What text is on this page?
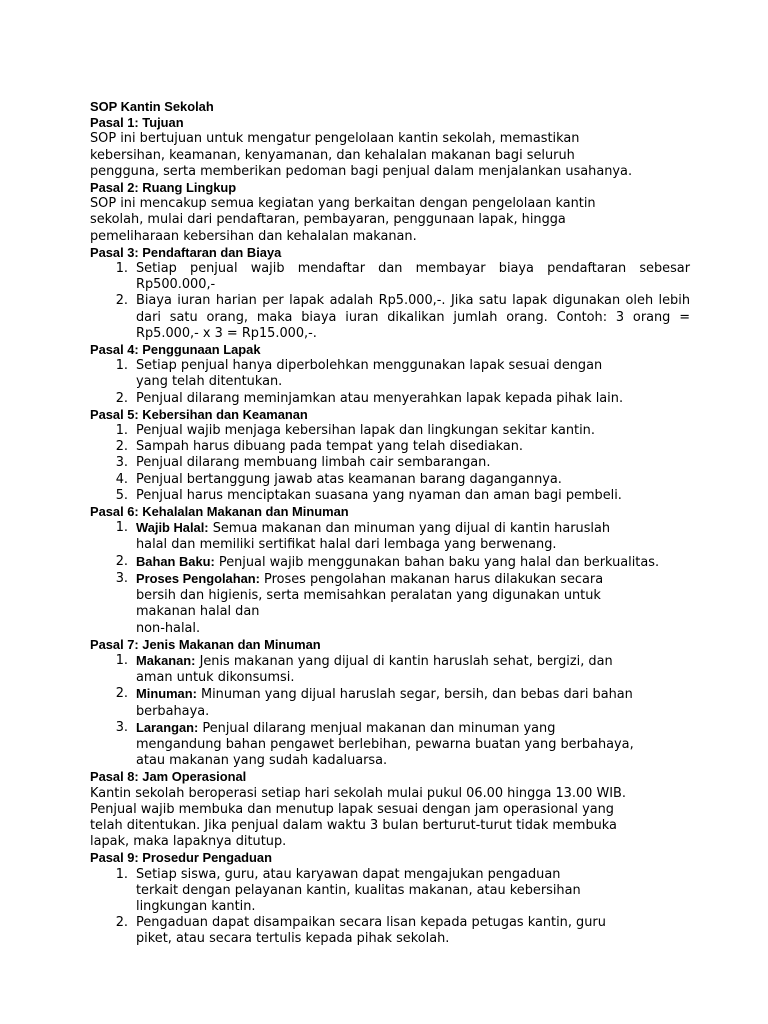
SOP Kantin Sekolah

Pasal 1: Tujuan

SOP ini bertujuan untuk mengatur pengelolaan kantin sekolah, memastikan
kebersihan, keamanan, kenyamanan, dan kehalalan makanan bagi seluruh
pengguna, serta memberikan pedoman bagi penjual dalam menjalankan usahanya.

Pasal 2: Ruang Lingkup

SOP ini mencakup semua kegiatan yang berkaitan dengan pengelolaan kantin
sekolah, mulai dari pendaftaran, pembayaran, penggunaan lapak, hingga
pemeliharaan kebersihan dan kehalalan makanan.

Pasal 3: Pendaftaran dan Biaya

1. Setiap penjual wajib mendaftar dan membayar biaya pendaftaran sebesar Rp500.000,-
2. Biaya iuran harian per lapak adalah Rp5.000,-. Jika satu lapak digunakan oleh lebih dari satu orang, maka biaya iuran dikalikan jumlah orang. Contoh: 3 orang = Rp5.000,- x 3 = Rp15.000,-.

Pasal 4: Penggunaan Lapak

1. Setiap penjual hanya diperbolehkan menggunakan lapak sesuai dengan
yang telah ditentukan.
2. Penjual dilarang meminjamkan atau menyerahkan lapak kepada pihak lain.

Pasal 5: Kebersihan dan Keamanan

1. Penjual wajib menjaga kebersihan lapak dan lingkungan sekitar kantin.
2. Sampah harus dibuang pada tempat yang telah disediakan.
3. Penjual dilarang membuang limbah cair sembarangan.
4. Penjual bertanggung jawab atas keamanan barang dagangannya.
5. Penjual harus menciptakan suasana yang nyaman dan aman bagi pembeli.

Pasal 6: Kehalalan Makanan dan Minuman

1. Wajib Halal: Semua makanan dan minuman yang dijual di kantin haruslah
halal dan memiliki sertifikat halal dari lembaga yang berwenang.
2. Bahan Baku: Penjual wajib menggunakan bahan baku yang halal dan berkualitas.
3. Proses Pengolahan: Proses pengolahan makanan harus dilakukan secara
bersih dan higienis, serta memisahkan peralatan yang digunakan untuk
makanan halal dan
non-halal.

Pasal 7: Jenis Makanan dan Minuman

1. Makanan: Jenis makanan yang dijual di kantin haruslah sehat, bergizi, dan
aman untuk dikonsumsi.
2. Minuman: Minuman yang dijual haruslah segar, bersih, dan bebas dari bahan
berbahaya.
3. Larangan: Penjual dilarang menjual makanan dan minuman yang
mengandung bahan pengawet berlebihan, pewarna buatan yang berbahaya,
atau makanan yang sudah kadaluarsa.

Pasal 8: Jam Operasional

Kantin sekolah beroperasi setiap hari sekolah mulai pukul 06.00 hingga 13.00 WIB.
Penjual wajib membuka dan menutup lapak sesuai dengan jam operasional yang
telah ditentukan. Jika penjual dalam waktu 3 bulan berturut-turut tidak membuka
lapak, maka lapaknya ditutup.

Pasal 9: Prosedur Pengaduan

1. Setiap siswa, guru, atau karyawan dapat mengajukan pengaduan
terkait dengan pelayanan kantin, kualitas makanan, atau kebersihan
lingkungan kantin.
2. Pengaduan dapat disampaikan secara lisan kepada petugas kantin, guru
piket, atau secara tertulis kepada pihak sekolah.
